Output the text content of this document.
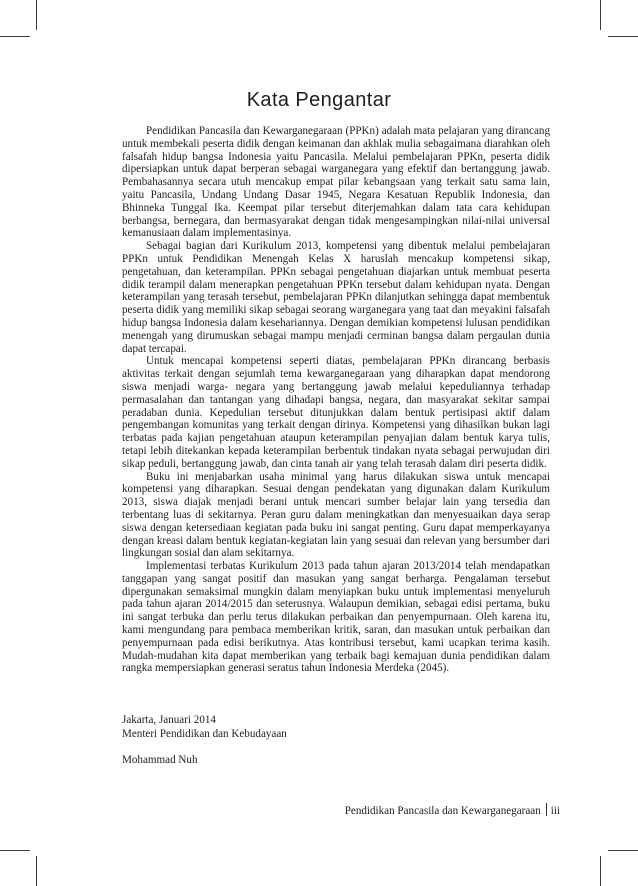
Kata Pengantar

Pendidikan Pancasila dan Kewarganegaraan (PPKn) adalah mata pelajaran yang dirancang untuk membekali peserta didik dengan keimanan dan akhlak mulia sebagaimana diarahkan oleh falsafah hidup bangsa Indonesia yaitu Pancasila. Melalui pembelajaran PPKn, peserta didik dipersiapkan untuk dapat berperan sebagai warganegara yang efektif dan bertanggung jawab. Pembahasannya secara utuh mencakup empat pilar kebangsaan yang terkait satu sama lain, yaitu Pancasila, Undang Undang Dasar 1945, Negara Kesatuan Republik Indonesia, dan Bhinneka Tunggal Ika. Keempat pilar tersebut diterjemahkan dalam tata cara kehidupan berbangsa, bernegara, dan bermasyarakat dengan tidak mengesampingkan nilai-nilai universal kemanusiaan dalam implementasinya.

Sebagai bagian dari Kurikulum 2013, kompetensi yang dibentuk melalui pembelajaran PPKn untuk Pendidikan Menengah Kelas X haruslah mencakup kompetensi sikap, pengetahuan, dan keterampilan. PPKn sebagai pengetahuan diajarkan untuk membuat peserta didik terampil dalam menerapkan pengetahuan PPKn tersebut dalam kehidupan nyata. Dengan keterampilan yang terasah tersebut, pembelajaran PPKn dilanjutkan sehingga dapat membentuk peserta didik yang memiliki sikap sebagai seorang warganegara yang taat dan meyakini falsafah hidup bangsa Indonesia dalam kesehariannya. Dengan demikian kompetensi lulusan pendidikan menengah yang dirumuskan sebagai mampu menjadi cerminan bangsa dalam pergaulan dunia dapat tercapai.

Untuk mencapai kompetensi seperti diatas, pembelajaran PPKn dirancang berbasis aktivitas terkait dengan sejumlah tema kewarganegaraan yang diharapkan dapat mendorong siswa menjadi warga- negara yang bertanggung jawab melalui kepeduliannya terhadap permasalahan dan tantangan yang dihadapi bangsa, negara, dan masyarakat sekitar sampai peradaban dunia. Kepedulian tersebut ditunjukkan dalam bentuk pertisipasi aktif dalam pengembangan komunitas yang terkait dengan dirinya. Kompetensi yang dihasilkan bukan lagi terbatas pada kajian pengetahuan ataupun keterampilan penyajian dalam bentuk karya tulis, tetapi lebih ditekankan kepada keterampilan berbentuk tindakan nyata sebagai perwujudan diri sikap peduli, bertanggung jawab, dan cinta tanah air yang telah terasah dalam diri peserta didik.

Buku ini menjabarkan usaha minimal yang harus dilakukan siswa untuk mencapai kompetensi yang diharapkan. Sesuai dengan pendekatan yang digunakan dalam Kurikulum 2013, siswa diajak menjadi berani untuk mencari sumber belajar lain yang tersedia dan terbentang luas di sekitarnya. Peran guru dalam meningkatkan dan menyesuaikan daya serap siswa dengan ketersediaan kegiatan pada buku ini sangat penting. Guru dapat memperkayanya dengan kreasi dalam bentuk kegiatan-kegiatan lain yang sesuai dan relevan yang bersumber dari lingkungan sosial dan alam sekitarnya.

Implementasi terbatas Kurikulum 2013 pada tahun ajaran 2013/2014 telah mendapatkan tanggapan yang sangat positif dan masukan yang sangat berharga. Pengalaman tersebut dipergunakan semaksimal mungkin dalam menyiapkan buku untuk implementasi menyeluruh pada tahun ajaran 2014/2015 dan seterusnya. Walaupun demikian, sebagai edisi pertama, buku ini sangat terbuka dan perlu terus dilakukan perbaikan dan penyempurnaan. Oleh karena itu, kami mengundang para pembaca memberikan kritik, saran, dan masukan untuk perbaikan dan penyempurnaan pada edisi berikutnya. Atas kontribusi tersebut, kami ucapkan terima kasih. Mudah-mudahan kita dapat memberikan yang terbaik bagi kemajuan dunia pendidikan dalam rangka mempersiapkan generasi seratus tahun Indonesia Merdeka (2045).

Jakarta, Januari 2014
Menteri Pendidikan dan Kebudayaan
Mohammad Nuh
Pendidikan Pancasila dan Kewarganegaraan iii
